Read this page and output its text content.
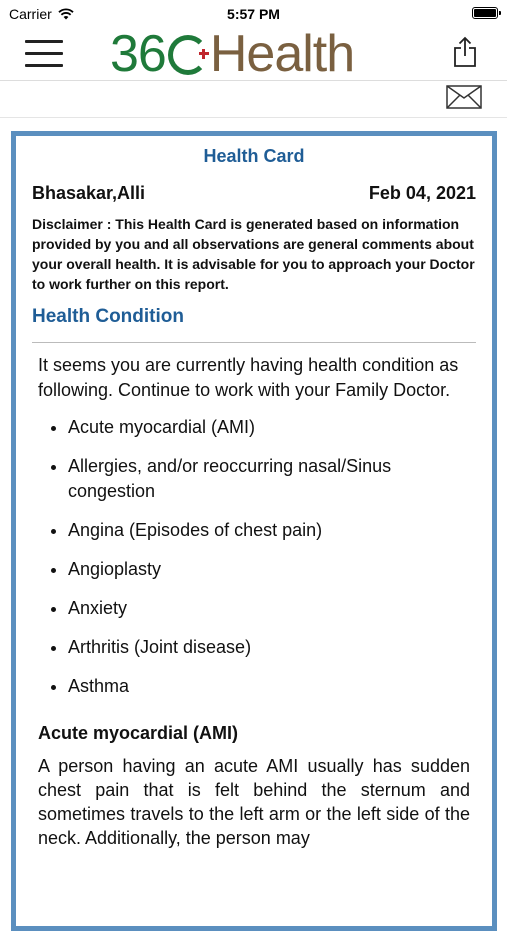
Carrier	5:57 PM
36 Health
Health Card
Bhasakar,Alli	Feb 04, 2021
Disclaimer : This Health Card is generated based on information provided by you and all observations are general comments about your overall health. It is advisable for you to approach your Doctor to work further on this report.
Health Condition
It seems you are currently having health condition as following. Continue to work with your Family Doctor.
• Acute myocardial (AMI)
• Allergies, and/or reoccurring nasal/Sinus congestion
• Angina (Episodes of chest pain)
• Angioplasty
• Anxiety
• Arthritis (Joint disease)
• Asthma
Acute myocardial (AMI)
A person having an acute AMI usually has sudden chest pain that is felt behind the sternum and sometimes travels to the left arm or the left side of the neck. Additionally, the person may
